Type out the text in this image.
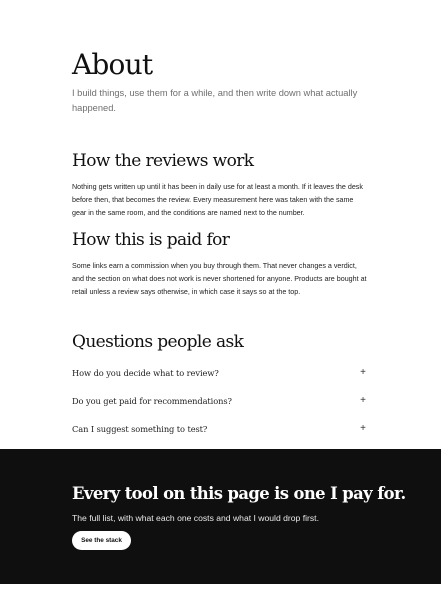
About

I build things, use them for a while, and then write down what actually happened.

How the reviews work

Nothing gets written up until it has been in daily use for at least a month. If it leaves the desk before then, that becomes the review. Every measurement here was taken with the same gear in the same room, and the conditions are named next to the number.

How this is paid for

Some links earn a commission when you buy through them. That never changes a verdict, and the section on what does not work is never shortened for anyone. Products are bought at retail unless a review says otherwise, in which case it says so at the top.

Questions people ask
How do you decide what to review?	+
Do you get paid for recommendations?	+
Can I suggest something to test?	+
Every tool on this page is one I pay for.

The full list, with what each one costs and what I would drop first.

See the stack
